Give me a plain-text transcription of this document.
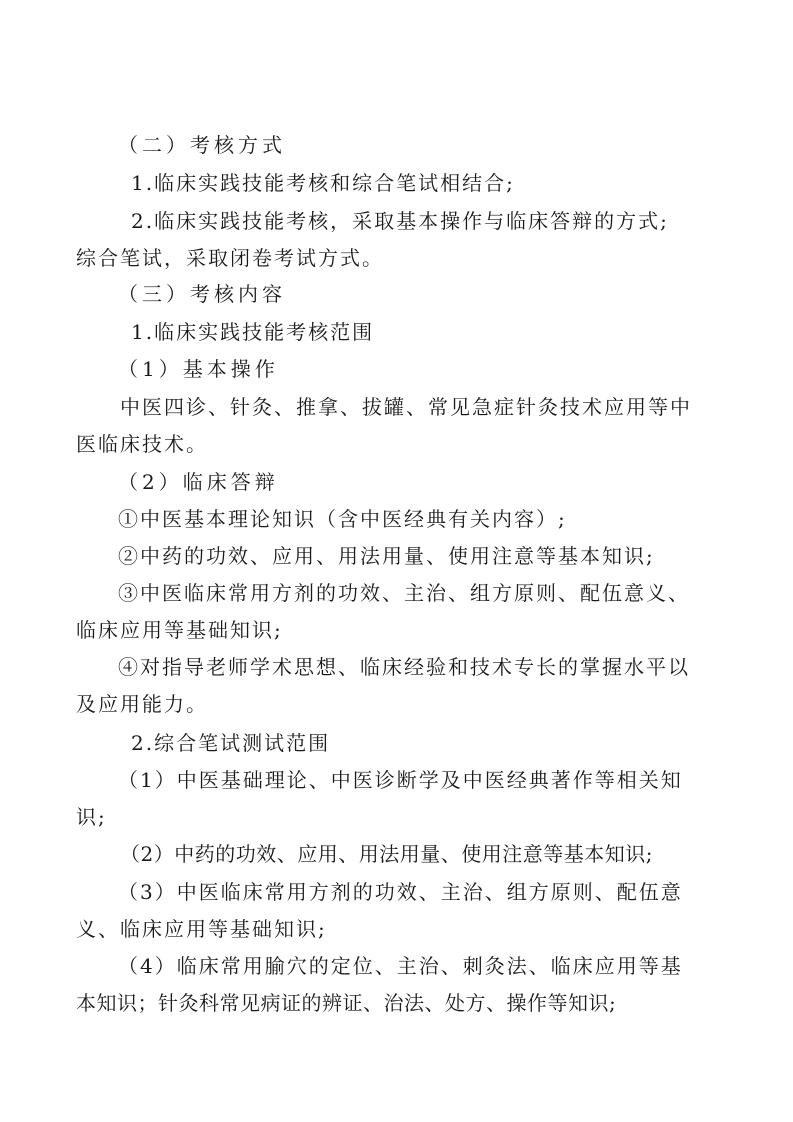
（二）考核方式
1.临床实践技能考核和综合笔试相结合;
2.临床实践技能考核，采取基本操作与临床答辩的方式;
综合笔试，采取闭卷考试方式。
（三）考核内容
1.临床实践技能考核范围
（1）基本操作
中医四诊、针灸、推拿、拔罐、常见急症针灸技术应用等中
医临床技术。
（2）临床答辩
①中医基本理论知识（含中医经典有关内容）;
②中药的功效、应用、用法用量、使用注意等基本知识;
③中医临床常用方剂的功效、主治、组方原则、配伍意义、
临床应用等基础知识;
④对指导老师学术思想、临床经验和技术专长的掌握水平以
及应用能力。
2.综合笔试测试范围
（1）中医基础理论、中医诊断学及中医经典著作等相关知
识;
（2）中药的功效、应用、用法用量、使用注意等基本知识;
（3）中医临床常用方剂的功效、主治、组方原则、配伍意
义、临床应用等基础知识;
（4）临床常用腧穴的定位、主治、刺灸法、临床应用等基
本知识；针灸科常见病证的辨证、治法、处方、操作等知识;
